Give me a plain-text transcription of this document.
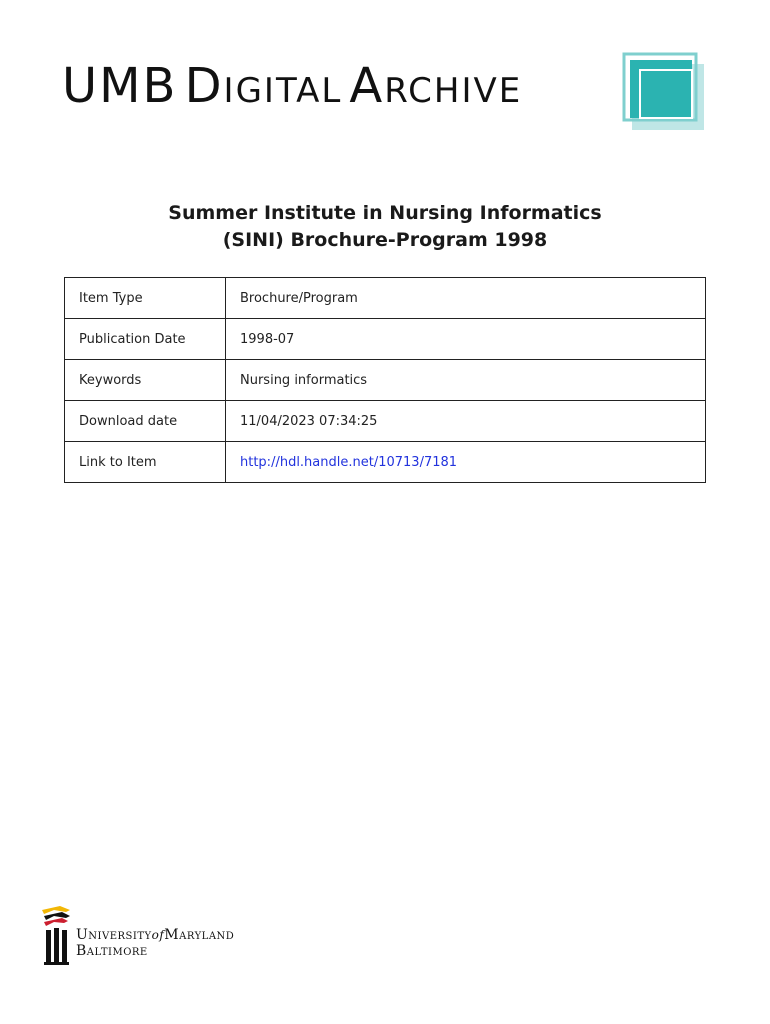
UMB Digital Archive
Summer Institute in Nursing Informatics
(SINI) Brochure-Program 1998
Item Type	Brochure/Program
Publication Date	1998-07
Keywords	Nursing informatics
Download date	11/04/2023 07:34:25
Link to Item	http://hdl.handle.net/10713/7181
UniversityofMaryland
Baltimore
